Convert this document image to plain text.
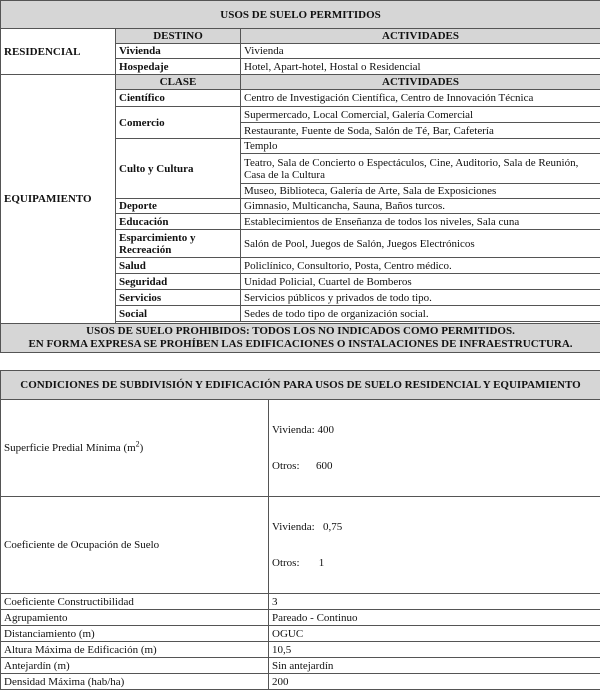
USOS DE SUELO PERMITIDOS		
RESIDENCIAL	DESTINO	ACTIVIDADES
	Vivienda	Vivienda
	Hospedaje	Hotel, Apart-hotel, Hostal o Residencial
EQUIPAMIENTO	CLASE	ACTIVIDADES
	Científico	Centro de Investigación Científica, Centro de Innovación Técnica
	Comercio	Supermercado, Local Comercial, Galería Comercial
		Restaurante, Fuente de Soda, Salón de Té, Bar, Cafetería
	Culto y Cultura	Templo
		Teatro, Sala de Concierto o Espectáculos, Cine, Auditorio, Sala de Reunión, Casa de la Cultura
		Museo, Biblioteca, Galería de Arte, Sala de Exposiciones
	Deporte	Gimnasio, Multicancha, Sauna, Baños turcos.
	Educación	Establecimientos de Enseñanza de todos los niveles, Sala cuna
	Esparcimiento y Recreación	Salón de Pool, Juegos de Salón, Juegos Electrónicos
	Salud	Policlínico, Consultorio, Posta, Centro médico.
	Seguridad	Unidad Policial, Cuartel de Bomberos
	Servicios	Servicios públicos y privados de todo tipo.
	Social	Sedes de todo tipo de organización social.

USOS DE SUELO PROHIBIDOS: TODOS LOS NO INDICADOS COMO PERMITIDOS.
EN FORMA EXPRESA SE PROHÍBEN LAS EDIFICACIONES O INSTALACIONES DE INFRAESTRUCTURA.		
CONDICIONES DE SUBDIVISIÓN Y EDIFICACIÓN PARA USOS DE SUELO RESIDENCIAL Y EQUIPAMIENTO	
Superficie Predial Mínima $(m^2)$	Vivienda: 400

Otros:      600

Coeficiente de Ocupación de Suelo	Vivienda:   0,75

Otros:       1

Coeficiente Constructibilidad	3
Agrupamiento	Pareado - Continuo
Distanciamiento (m)	OGUC
Altura Máxima de Edificación (m)	10,5
Antejardín (m)	Sin antejardín
Densidad Máxima (hab/ha)	200
